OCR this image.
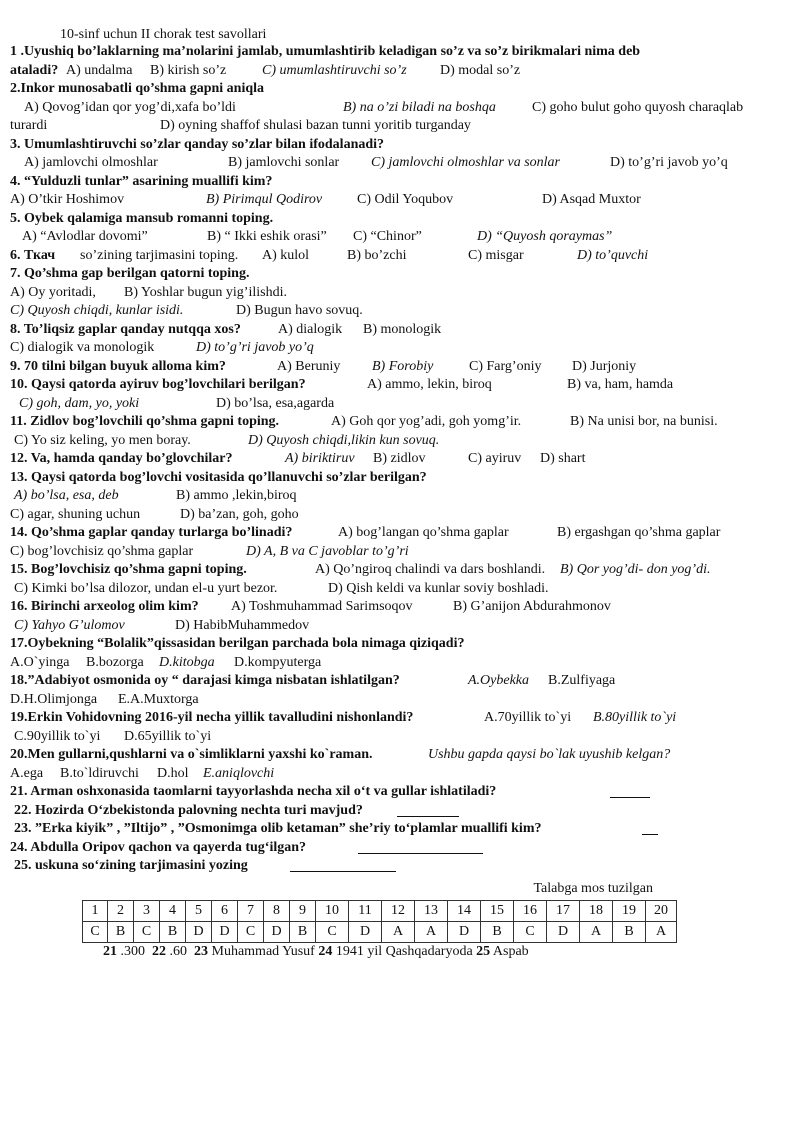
10-sinf uchun II chorak test savollari
1 .Uyushiq bo’laklarning ma’nolarini jamlab, umumlashtirib keladigan so’z va so’z birikmalari nima deb
ataladi? A) undalma B) kirish so’z	C) umumlashtiruvchi so’z D) modal so’z
2.Inkor munosabatli qo’shma gapni aniqla
A) Qovog’idan qor yog’di,xafa bo’ldi	B) na o’zi biladi na boshqa	C) goho bulut goho quyosh charaqlab
turardi	D) oyning shaffof shulasi bazan tunni yoritib turganday
3. Umumlashtiruvchi so’zlar qanday so’zlar bilan ifodalanadi?
A) jamlovchi olmoshlar	B) jamlovchi sonlar C) jamlovchi olmoshlar va sonlar	D) to’g’ri javob yo’q
4. “Yulduzli tunlar” asarining muallifi kim?
A) O’tkir Hoshimov	B) Pirimqul Qodirov C) Odil Yoqubov	D) Asqad Muxtor
5. Oybek qalamiga mansub romanni toping.
A) “Avlodlar dovomi”	B) “ Ikki eshik orasi” C) “Chinor”	D) “Quyosh qoraymas”
6. Ткач so’zining tarjimasini toping. A) kulol	B) bo’zchi	C) misgar	D) to’quvchi
7. Qo’shma gap berilgan qatorni toping.
A) Oy yoritadi, B) Yoshlar bugun yig’ilishdi.
C) Quyosh chiqdi, kunlar isidi.	D) Bugun havo sovuq.
8. To’liqsiz gaplar qanday nutqqa xos?	A) dialogik B) monologik
C) dialogik va monologik	D) to’g’ri javob yo’q
9. 70 tilni bilgan buyuk alloma kim?	A) Beruniy B) Forobiy	C) Farg’oniy D) Jurjoniy
10. Qaysi qatorda ayiruv bog’lovchilari berilgan?	A) ammo, lekin, biroq	B) va, ham, hamda
C) goh, dam, yo, yoki	D) bo’lsa, esa,agarda
11. Zidlov bog’lovchili qo’shma gapni toping.	A) Goh qor yog’adi, goh yomg’ir.	B) Na unisi bor, na bunisi.
C) Yo siz keling, yo men boray.	D) Quyosh chiqdi,likin kun sovuq.
12. Va, hamda qanday bo’glovchilar?	A) biriktiruv B) zidlov	C) ayiruv D) shart
13. Qaysi qatorda bog’lovchi vositasida qo’llanuvchi so’zlar berilgan?
A) bo’lsa, esa, deb	B) ammo ,lekin,biroq
C) agar, shuning uchun	D) ba’zan, goh, goho
14. Qo’shma gaplar qanday turlarga bo’linadi?	A) bog’langan qo’shma gaplar	B) ergashgan qo’shma gaplar
C) bog’lovchisiz qo’shma gaplar	D) A, B va C javoblar to’g’ri
15. Bog’lovchisiz qo’shma gapni toping.	A) Qo’ngiroq chalindi va dars boshlandi. B) Qor yog’di- don yog’di.
C) Kimki bo’lsa dilozor, undan el-u yurt bezor.	D) Qish keldi va kunlar soviy boshladi.
16. Birinchi arxeolog olim kim? A) Toshmuhammad Sarimsoqov	B) G’anijon Abdurahmonov
C) Yahyo G’ulomov	D) HabibMuhammedov
17.Oybekning “Bolalik”qissasidan berilgan parchada bola nimaga qiziqadi?
A.O`yinga B.bozorga D.kitobga D.kompyuterga
18.”Adabiyot osmonida oy “ darajasi kimga nisbatan ishlatilgan?	A.Oybekka B.Zulfiyaga
D.H.Olimjonga E.A.Muxtorga
19.Erkin Vohidovning 2016-yil necha yillik tavalludini nishonlandi?	A.70yillik to`yi B.80yillik to`yi
C.90yillik to`yi D.65yillik to`yi
20.Men gullarni,qushlarni va o`simliklarni yaxshi ko`raman.	Ushbu gapda qaysi bo`lak uyushib kelgan?
A.ega B.to`ldiruvchi D.hol E.aniqlovchi
21. Arman oshxonasida taomlarni tayyorlashda necha xil o‘t va gullar ishlatiladi?
22. Hozirda O‘zbekistonda palovning nechta turi mavjud?
23. ”Erka kiyik” , ”Iltijo” , ”Osmonimga olib ketaman” she’riy to‘plamlar muallifi kim?
24. Abdulla Oripov qachon va qayerda tug‘ilgan?
25. uskuna so‘zining tarjimasini yozing
Talabga mos tuzilgan
1	2	3	4	5	6	7	8	9	10	11	12	13	14	15	16	17	18	19	20
C	B	C	B	D	D	C	D	B	C	D	A	A	D	B	C	D	A	B	A
21 .300 22 .60 23 Muhammad Yusuf 24 1941 yil Qashqadaryoda 25 Aspab
